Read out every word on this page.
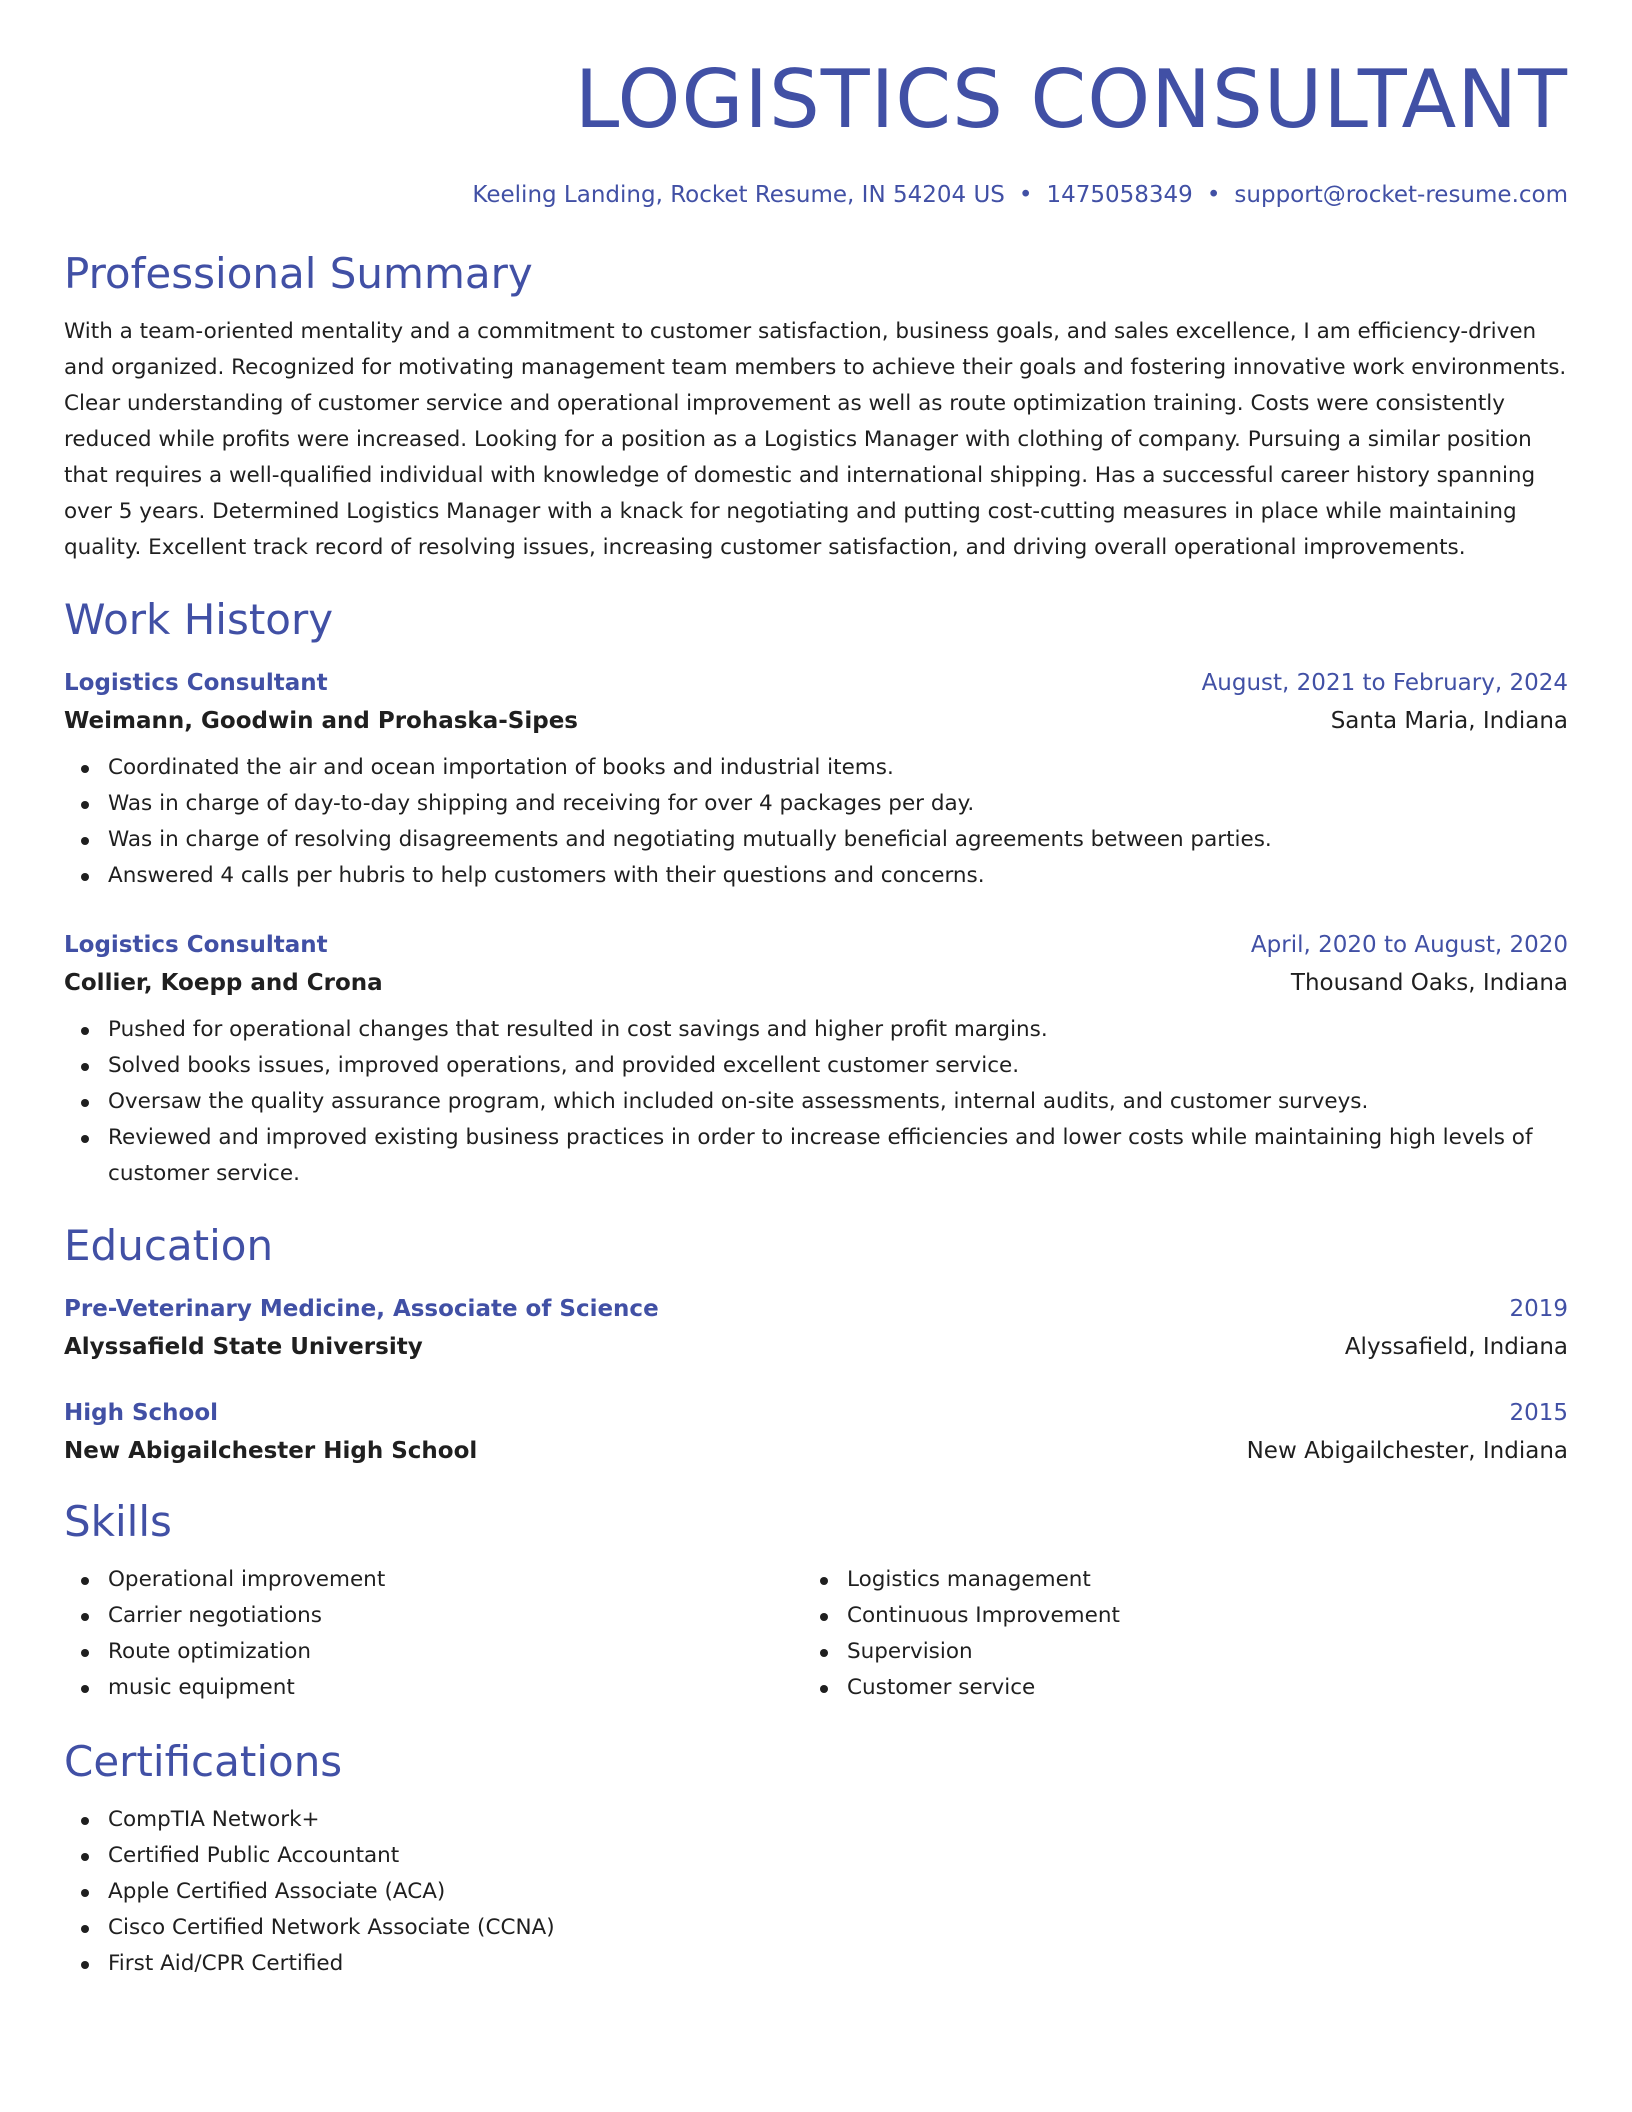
LOGISTICS CONSULTANT
Keeling Landing, Rocket Resume, IN 54204 US • 1475058349 • support@rocket-resume.com
Professional Summary

With a team-oriented mentality and a commitment to customer satisfaction, business goals, and sales excellence, I am efficiency-driven and organized. Recognized for motivating management team members to achieve their goals and fostering innovative work environments. Clear understanding of customer service and operational improvement as well as route optimization training. Costs were consistently reduced while profits were increased. Looking for a position as a Logistics Manager with clothing of company. Pursuing a similar position that requires a well-qualified individual with knowledge of domestic and international shipping. Has a successful career history spanning over 5 years. Determined Logistics Manager with a knack for negotiating and putting cost-cutting measures in place while maintaining quality. Excellent track record of resolving issues, increasing customer satisfaction, and driving overall operational improvements.

Work History
Logistics Consultant	August, 2021 to February, 2024
Weimann, Goodwin and Prohaska-Sipes	Santa Maria, Indiana
Coordinated the air and ocean importation of books and industrial items.
Was in charge of day-to-day shipping and receiving for over 4 packages per day.
Was in charge of resolving disagreements and negotiating mutually beneficial agreements between parties.
Answered 4 calls per hubris to help customers with their questions and concerns.
Logistics Consultant	April, 2020 to August, 2020
Collier, Koepp and Crona	Thousand Oaks, Indiana
Pushed for operational changes that resulted in cost savings and higher profit margins.
Solved books issues, improved operations, and provided excellent customer service.
Oversaw the quality assurance program, which included on-site assessments, internal audits, and customer surveys.
Reviewed and improved existing business practices in order to increase efficiencies and lower costs while maintaining high levels of customer service.
Education
Pre-Veterinary Medicine, Associate of Science	2019
Alyssafield State University	Alyssafield, Indiana
High School	2015
New Abigailchester High School	New Abigailchester, Indiana
Skills
Operational improvement
Carrier negotiations
Route optimization
music equipment
Logistics management
Continuous Improvement
Supervision
Customer service
Certifications
CompTIA Network+
Certified Public Accountant
Apple Certified Associate (ACA)
Cisco Certified Network Associate (CCNA)
First Aid/CPR Certified
